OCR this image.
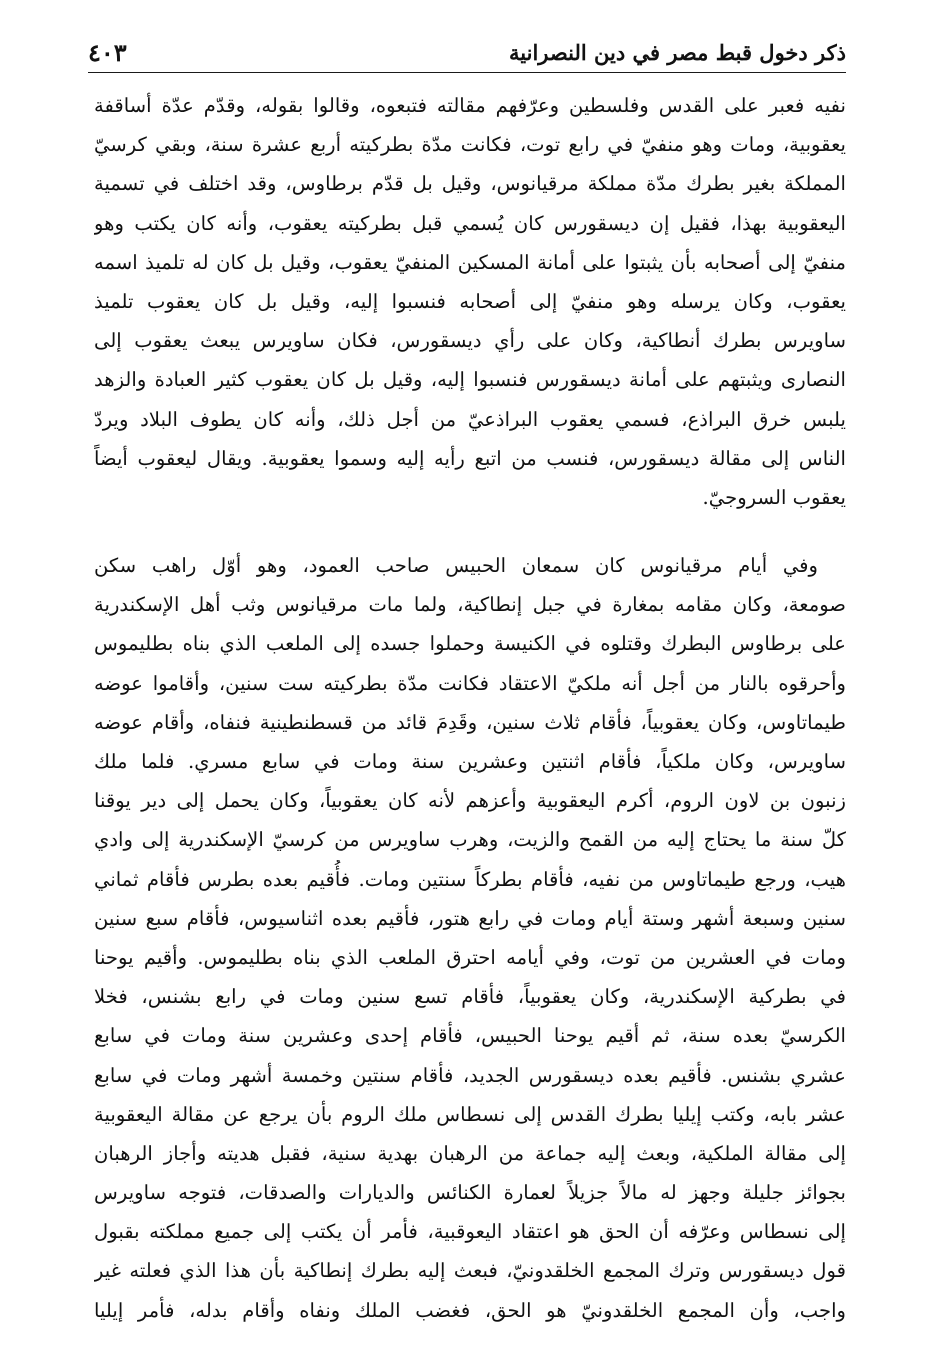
ذكر دخول قبط مصر في دين النصرانية
٤٠٣
نفيه فعبر على القدس وفلسطين وعرّفهم مقالته فتبعوه، وقالوا بقوله، وقدّم عدّة أساقفة
يعقوبية، ومات وهو منفيّ في رابع توت، فكانت مدّة بطركيته أربع عشرة سنة، وبقي كرسيّ
المملكة بغير بطرك مدّة مملكة مرقيانوس، وقيل بل قدّم برطاوس، وقد اختلف في تسمية
اليعقوبية بهذا، فقيل إن ديسقورس كان يُسمي قبل بطركيته يعقوب، وأنه كان يكتب وهو
منفيّ إلى أصحابه بأن يثبتوا على أمانة المسكين المنفيّ يعقوب، وقيل بل كان له تلميذ اسمه
يعقوب، وكان يرسله وهو منفيّ إلى أصحابه فنسبوا إليه، وقيل بل كان يعقوب تلميذ
ساويرس بطرك أنطاكية، وكان على رأي ديسقورس، فكان ساويرس يبعث يعقوب إلى
النصارى ويثبتهم على أمانة ديسقورس فنسبوا إليه، وقيل بل كان يعقوب كثير العبادة والزهد
يلبس خرق البراذع، فسمي يعقوب البراذعيّ من أجل ذلك، وأنه كان يطوف البلاد ويردّ
الناس إلى مقالة ديسقورس، فنسب من اتبع رأيه إليه وسموا يعقوبية. ويقال ليعقوب أيضاً
يعقوب السروجيّ.
وفي أيام مرقيانوس كان سمعان الحبيس صاحب العمود، وهو أوّل راهب سكن
صومعة، وكان مقامه بمغارة في جبل إنطاكية، ولما مات مرقيانوس وثب أهل الإسكندرية
على برطاوس البطرك وقتلوه في الكنيسة وحملوا جسده إلى الملعب الذي بناه بطليموس
وأحرقوه بالنار من أجل أنه ملكيّ الاعتقاد فكانت مدّة بطركيته ست سنين، وأقاموا عوضه
طيماتاوس، وكان يعقوبياً، فأقام ثلاث سنين، وقَدِمَ قائد من قسطنطينية فنفاه، وأقام عوضه
ساويرس، وكان ملكياً، فأقام اثنتين وعشرين سنة ومات في سابع مسري. فلما ملك
زنبون بن لاون الروم، أكرم اليعقوبية وأعزهم لأنه كان يعقوبياً، وكان يحمل إلى دير يوقنا
كلّ سنة ما يحتاج إليه من القمح والزيت، وهرب ساويرس من كرسيّ الإسكندرية إلى وادي
هيب، ورجع طيماتاوس من نفيه، فأقام بطركاً سنتين ومات. فأُقيم بعده بطرس فأقام ثماني
سنين وسبعة أشهر وستة أيام ومات في رابع هتور، فأقيم بعده اثناسيوس، فأقام سبع سنين
ومات في العشرين من توت، وفي أيامه احترق الملعب الذي بناه بطليموس. وأقيم يوحنا
في بطركية الإسكندرية، وكان يعقوبياً، فأقام تسع سنين ومات في رابع بشنس، فخلا
الكرسيّ بعده سنة، ثم أقيم يوحنا الحبيس، فأقام إحدى وعشرين سنة ومات في سابع
عشري بشنس. فأقيم بعده ديسقورس الجديد، فأقام سنتين وخمسة أشهر ومات في سابع
عشر بابه، وكتب إيليا بطرك القدس إلى نسطاس ملك الروم بأن يرجع عن مقالة اليعقوبية
إلى مقالة الملكية، وبعث إليه جماعة من الرهبان بهدية سنية، فقبل هديته وأجاز الرهبان
بجوائز جليلة وجهز له مالاً جزيلاً لعمارة الكنائس والديارات والصدقات، فتوجه ساويرس
إلى نسطاس وعرّفه أن الحق هو اعتقاد اليعوقبية، فأمر أن يكتب إلى جميع مملكته بقبول
قول ديسقورس وترك المجمع الخلقدونيّ، فبعث إليه بطرك إنطاكية بأن هذا الذي فعلته غير
واجب، وأن المجمع الخلقدونيّ هو الحق، فغضب الملك ونفاه وأقام بدله، فأمر إيليا
